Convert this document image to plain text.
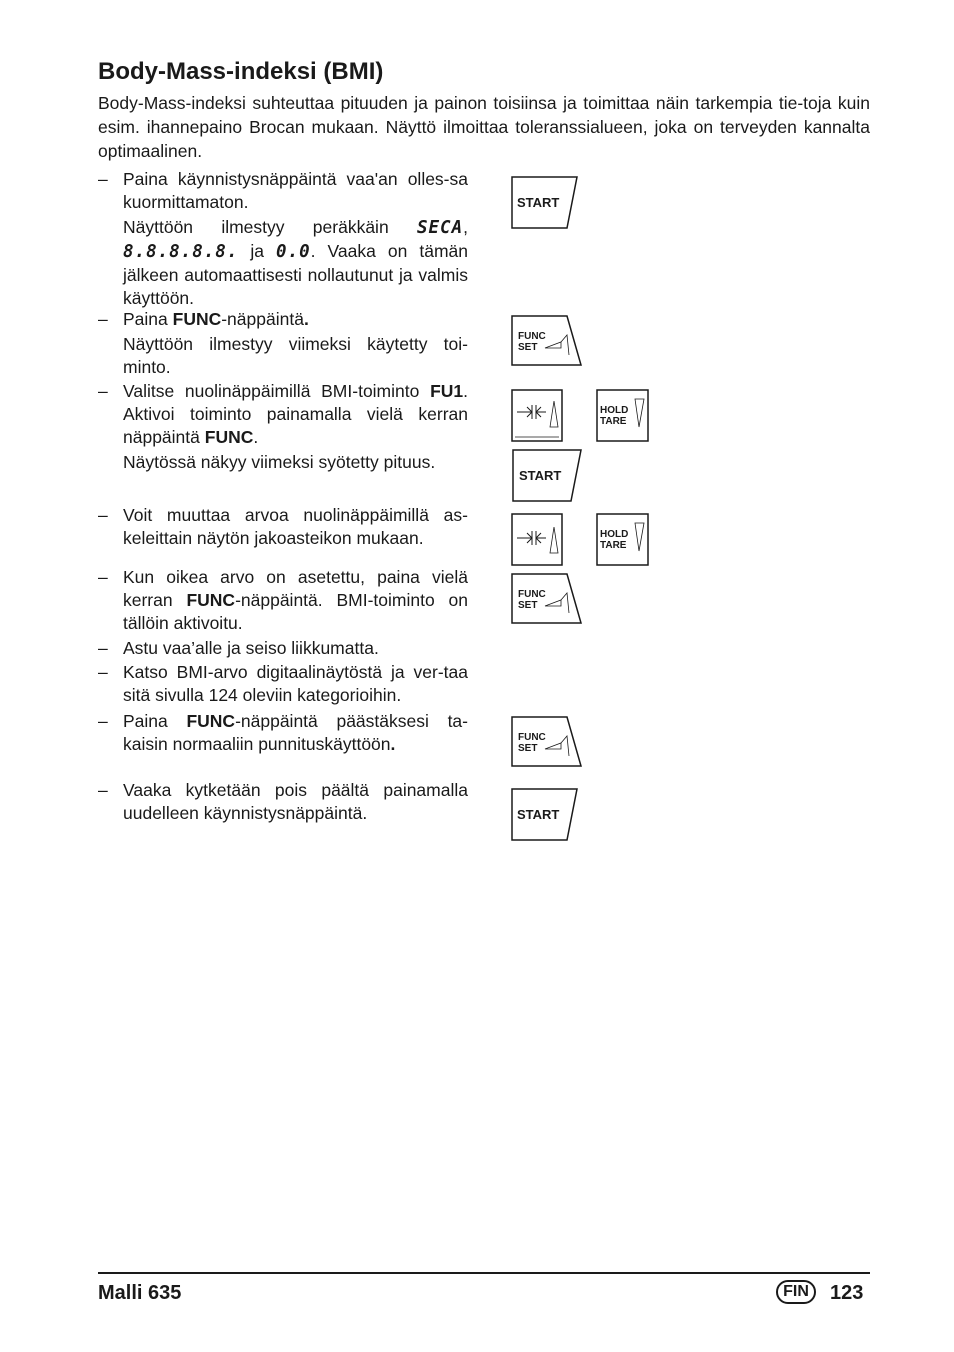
Body-Mass-indeksi (BMI)

Body-Mass-indeksi suhteuttaa pituuden ja painon toisiinsa ja toimittaa näin tarkempia tie-toja kuin esim. ihannepaino Brocan mukaan. Näyttö ilmoittaa toleranssialueen, joka on terveyden kannalta optimaalinen.

– Paina käynnistysnäppäintä vaa'an olles-sa kuormittamaton.

Näyttöön ilmestyy peräkkäin SECA, 8.8.8.8.8. ja 0.0. Vaaka on tämän jälkeen automaattisesti nollautunut ja valmis käyttöön.

– Paina FUNC-näppäintä.

Näyttöön ilmestyy viimeksi käytetty toi-minto.

– Valitse nuolinäppäimillä BMI-toiminto FU1. Aktivoi toiminto painamalla vielä kerran näppäintä FUNC.

Näytössä näkyy viimeksi syötetty pituus.

– Voit muuttaa arvoa nuolinäppäimillä as-keleittain näytön jakoasteikon mukaan.

– Kun oikea arvo on asetettu, paina vielä kerran FUNC-näppäintä. BMI-toiminto on tällöin aktivoitu.

– Astu vaa’alle ja seiso liikkumatta.

– Katso BMI-arvo digitaalinäytöstä ja ver-taa sitä sivulla 124 oleviin kategorioihin.

– Paina FUNC-näppäintä päästäksesi ta-kaisin normaaliin punnituskäyttöön.

– Vaaka kytketään pois päältä painamalla uudelleen käynnistysnäppäintä.

START
FUNC
SET
HOLD
TARE
START
HOLD
TARE
FUNC
SET
FUNC
SET
START
Malli 635	FIN	123
